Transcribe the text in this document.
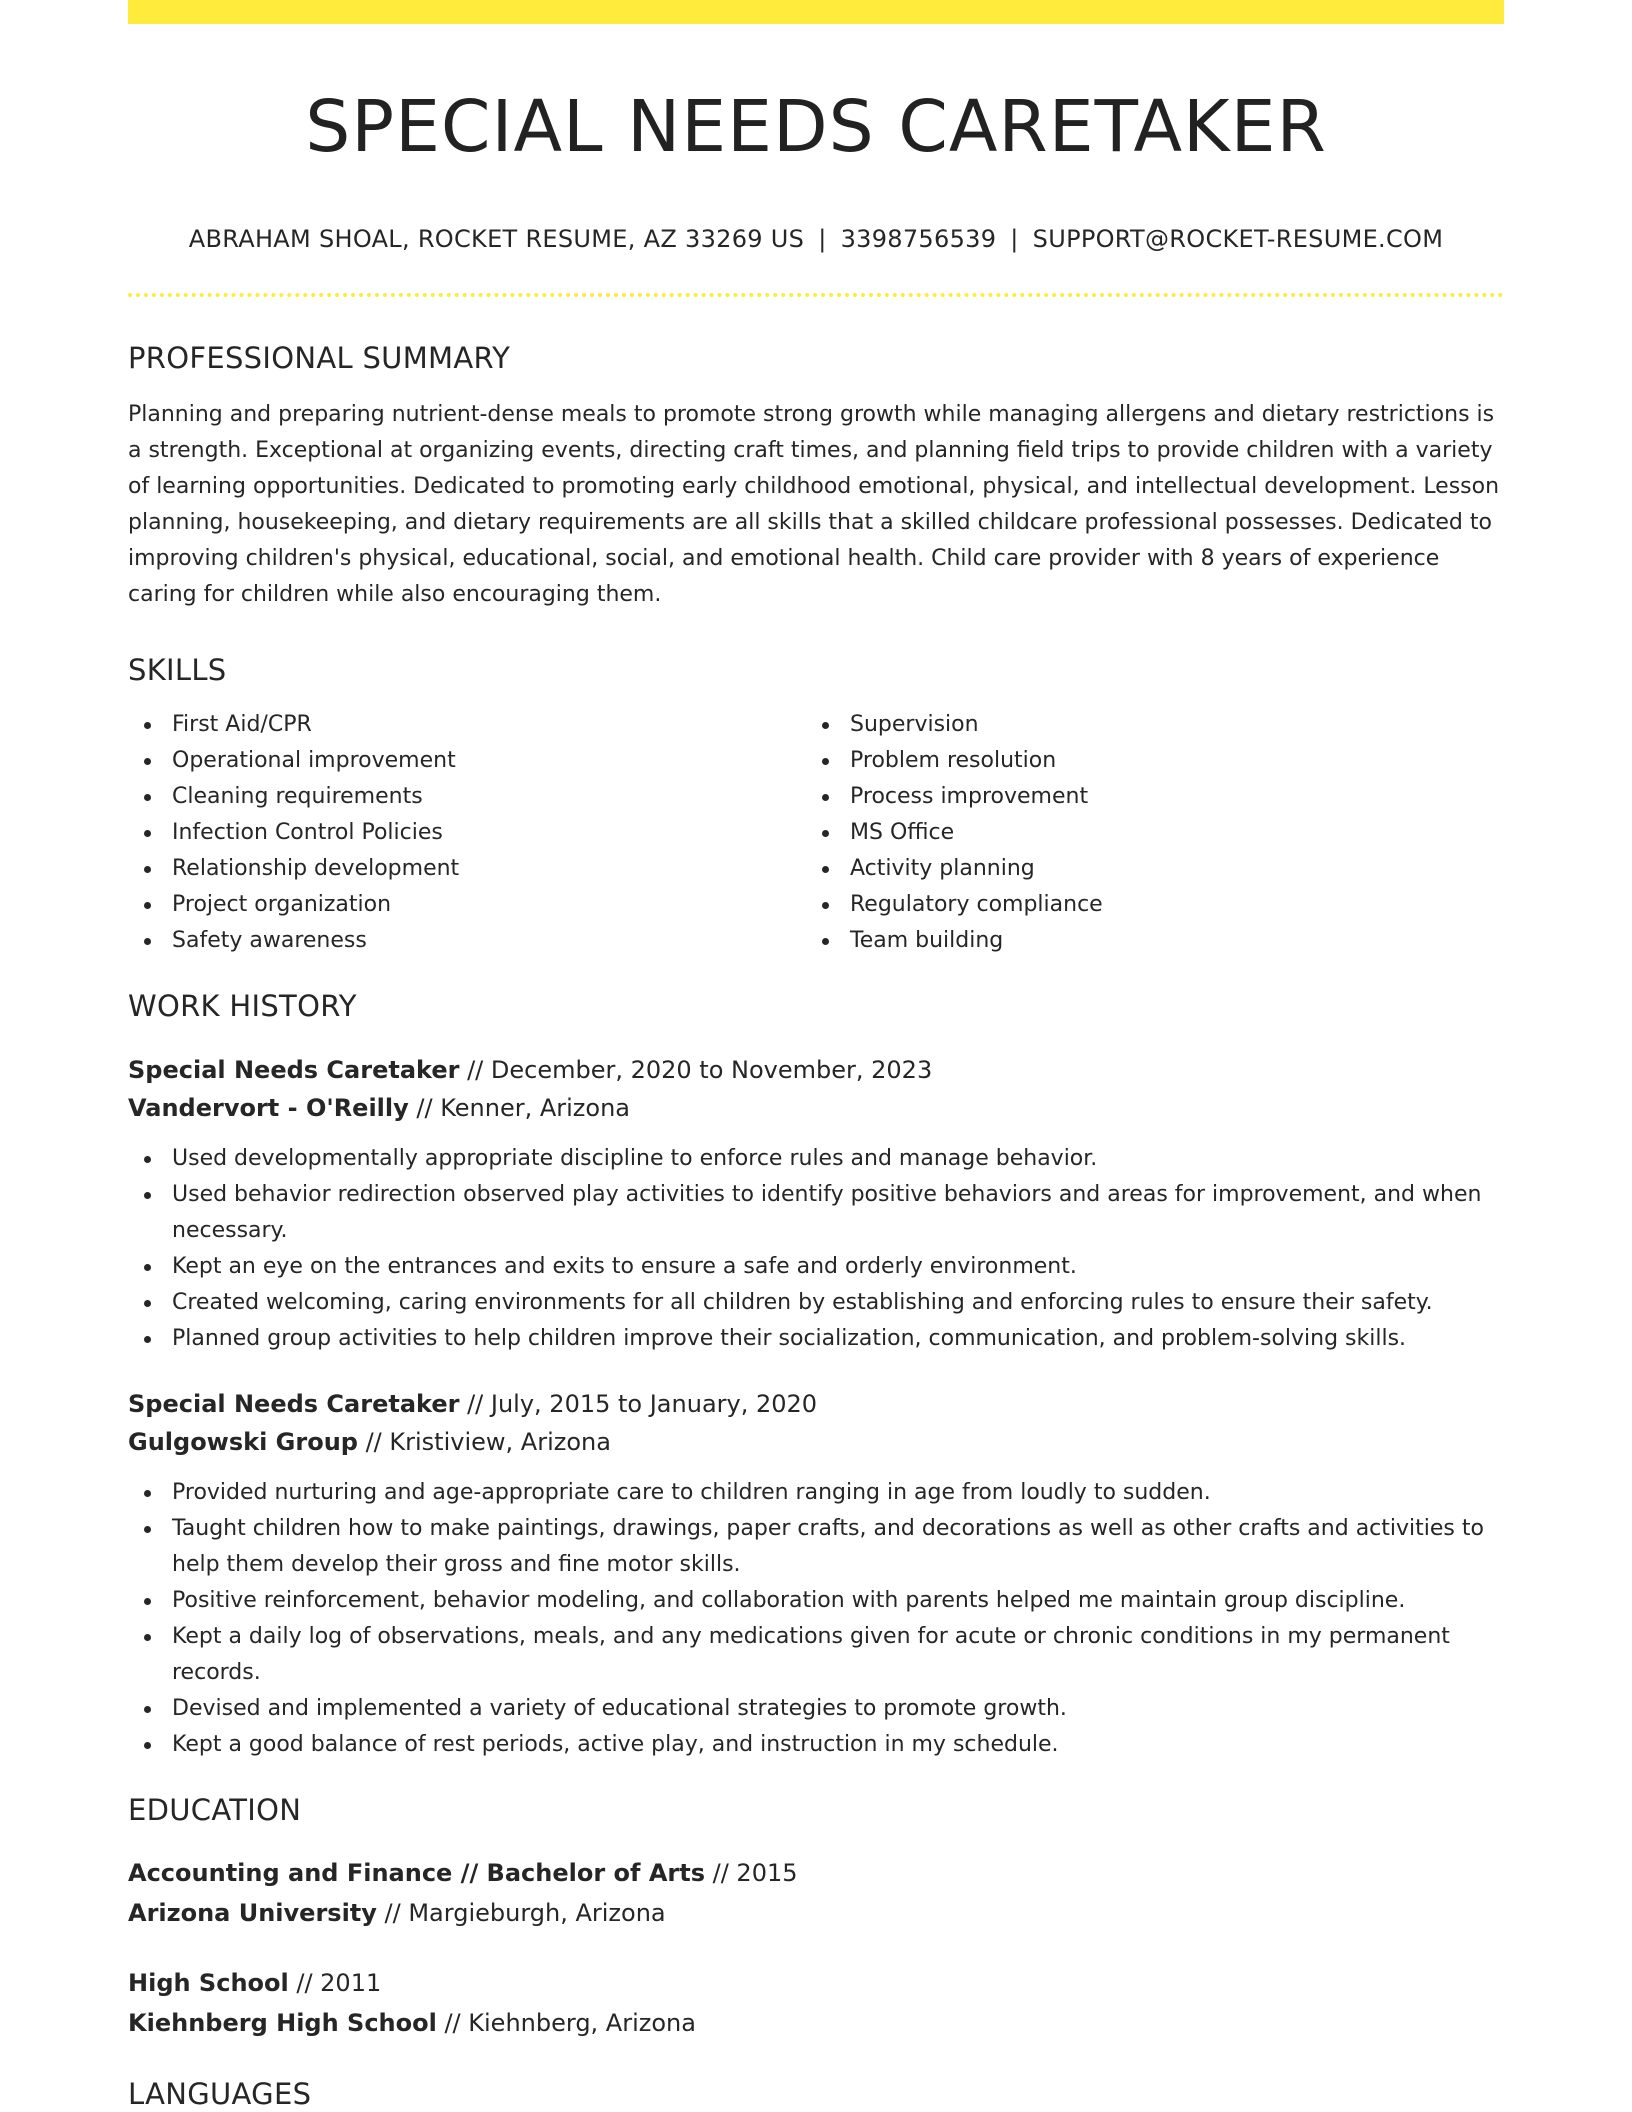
SPECIAL NEEDS CARETAKER
ABRAHAM SHOAL, ROCKET RESUME, AZ 33269 US | 3398756539 | SUPPORT@ROCKET-RESUME.COM
PROFESSIONAL SUMMARY

Planning and preparing nutrient-dense meals to promote strong growth while managing allergens and dietary restrictions is a strength. Exceptional at organizing events, directing craft times, and planning field trips to provide children with a variety of learning opportunities. Dedicated to promoting early childhood emotional, physical, and intellectual development. Lesson planning, housekeeping, and dietary requirements are all skills that a skilled childcare professional possesses. Dedicated to improving children's physical, educational, social, and emotional health. Child care provider with 8 years of experience caring for children while also encouraging them.

SKILLS
First Aid/CPR
Operational improvement
Cleaning requirements
Infection Control Policies
Relationship development
Project organization
Safety awareness
Supervision
Problem resolution
Process improvement
MS Office
Activity planning
Regulatory compliance
Team building
WORK HISTORY
Special Needs Caretaker // December, 2020 to November, 2023
Vandervort - O'Reilly // Kenner, Arizona
Used developmentally appropriate discipline to enforce rules and manage behavior.
Used behavior redirection observed play activities to identify positive behaviors and areas for improvement, and when necessary.
Kept an eye on the entrances and exits to ensure a safe and orderly environment.
Created welcoming, caring environments for all children by establishing and enforcing rules to ensure their safety.
Planned group activities to help children improve their socialization, communication, and problem-solving skills.
Special Needs Caretaker // July, 2015 to January, 2020
Gulgowski Group // Kristiview, Arizona
Provided nurturing and age-appropriate care to children ranging in age from loudly to sudden.
Taught children how to make paintings, drawings, paper crafts, and decorations as well as other crafts and activities to help them develop their gross and fine motor skills.
Positive reinforcement, behavior modeling, and collaboration with parents helped me maintain group discipline.
Kept a daily log of observations, meals, and any medications given for acute or chronic conditions in my permanent records.
Devised and implemented a variety of educational strategies to promote growth.
Kept a good balance of rest periods, active play, and instruction in my schedule.
EDUCATION
Accounting and Finance // Bachelor of Arts // 2015
Arizona University // Margieburgh, Arizona
High School // 2011
Kiehnberg High School // Kiehnberg, Arizona
LANGUAGES
